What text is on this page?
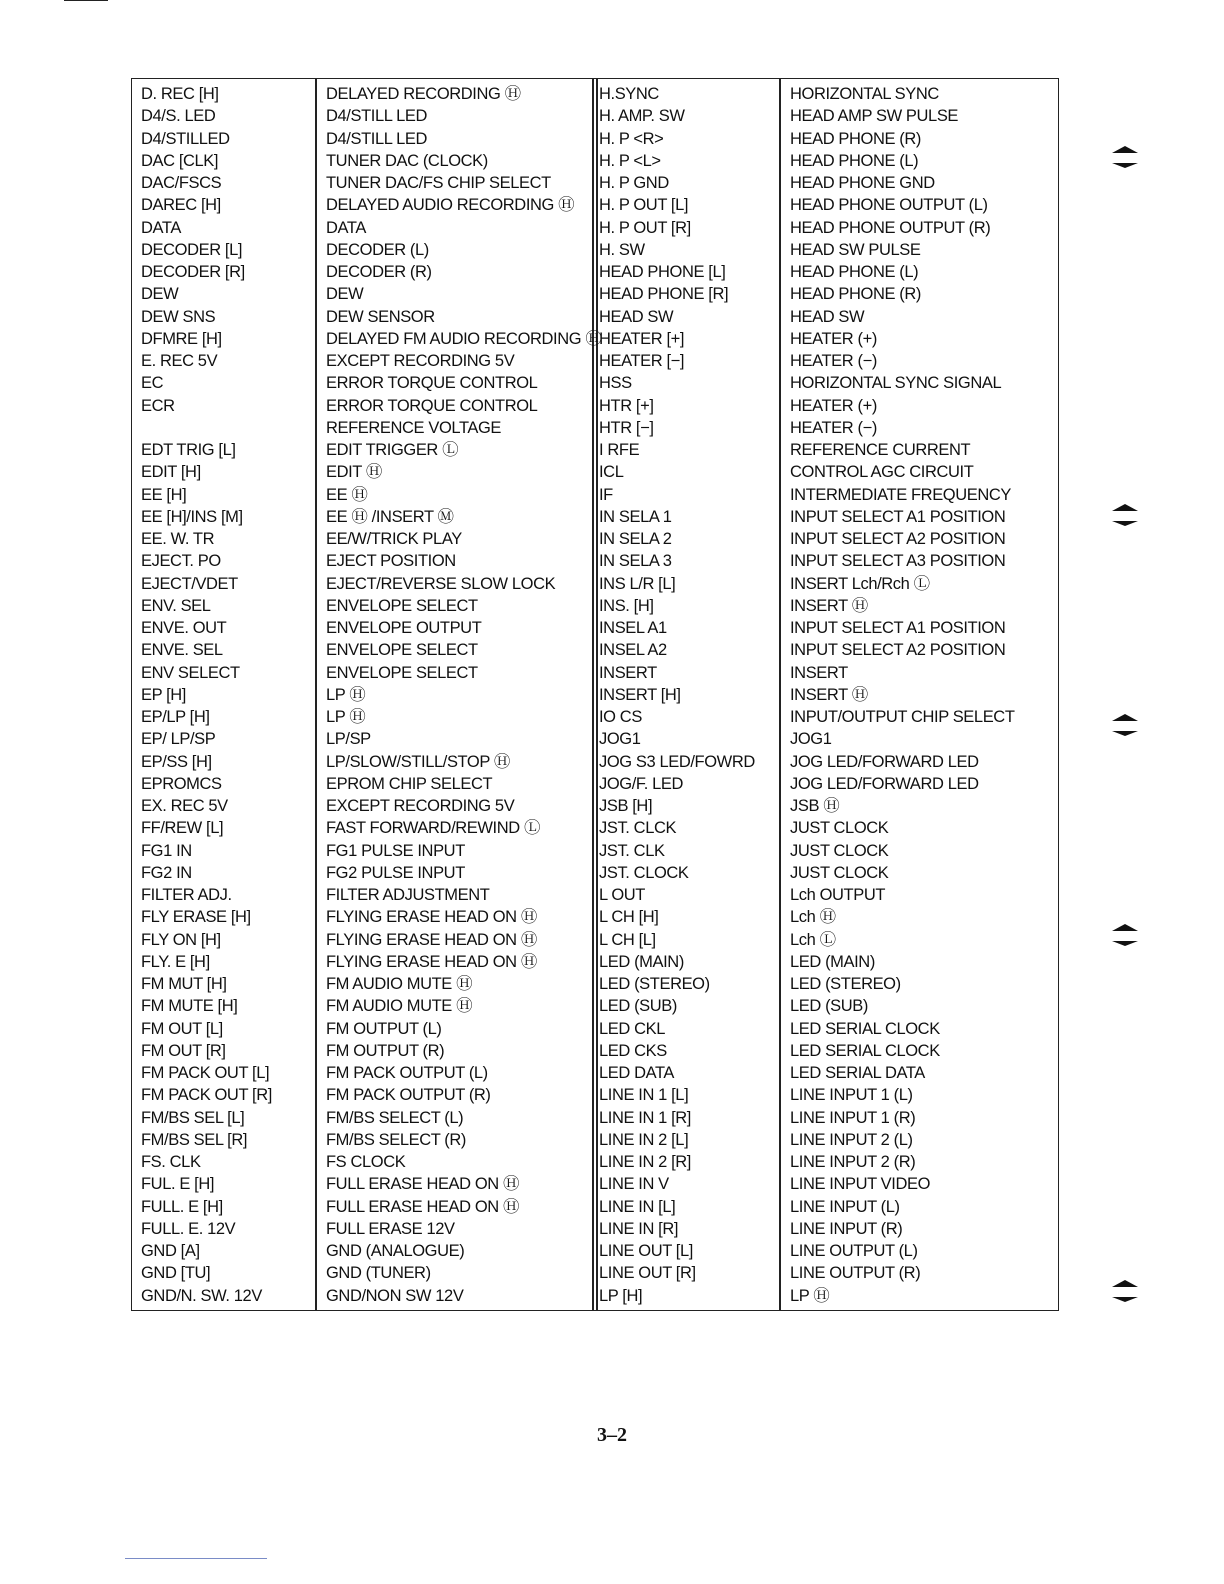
D. REC [H]
D4/S. LED
D4/STILLED
DAC [CLK]
DAC/FSCS
DAREC [H]
DATA
DECODER [L]
DECODER [R]
DEW
DEW SNS
DFMRE [H]
E. REC 5V
EC
ECR
EDT TRIG [L]
EDIT [H]
EE [H]
EE [H]/INS [M]
EE. W. TR
EJECT. PO
EJECT/VDET
ENV. SEL
ENVE. OUT
ENVE. SEL
ENV SELECT
EP [H]
EP/LP [H]
EP/ LP/SP
EP/SS [H]
EPROMCS
EX. REC 5V
FF/REW [L]
FG1 IN
FG2 IN
FILTER ADJ.
FLY ERASE [H]
FLY ON [H]
FLY. E [H]
FM MUT [H]
FM MUTE [H]
FM OUT [L]
FM OUT [R]
FM PACK OUT [L]
FM PACK OUT [R]
FM/BS SEL [L]
FM/BS SEL [R]
FS. CLK
FUL. E [H]
FULL. E [H]
FULL. E. 12V
GND [A]
GND [TU]
GND/N. SW. 12V
DELAYED RECORDING Ⓗ
D4/STILL LED
D4/STILL LED
TUNER DAC (CLOCK)
TUNER DAC/FS CHIP SELECT
DELAYED AUDIO RECORDING Ⓗ
DATA
DECODER (L)
DECODER (R)
DEW
DEW SENSOR
DELAYED FM AUDIO RECORDING Ⓗ
EXCEPT RECORDING 5V
ERROR TORQUE CONTROL
ERROR TORQUE CONTROL
REFERENCE VOLTAGE
EDIT TRIGGER Ⓛ
EDIT Ⓗ
EE Ⓗ
EE Ⓗ /INSERT Ⓜ
EE/W/TRICK PLAY
EJECT POSITION
EJECT/REVERSE SLOW LOCK
ENVELOPE SELECT
ENVELOPE OUTPUT
ENVELOPE SELECT
ENVELOPE SELECT
LP Ⓗ
LP Ⓗ
LP/SP
LP/SLOW/STILL/STOP Ⓗ
EPROM CHIP SELECT
EXCEPT RECORDING 5V
FAST FORWARD/REWIND Ⓛ
FG1 PULSE INPUT
FG2 PULSE INPUT
FILTER ADJUSTMENT
FLYING ERASE HEAD ON Ⓗ
FLYING ERASE HEAD ON Ⓗ
FLYING ERASE HEAD ON Ⓗ
FM AUDIO MUTE Ⓗ
FM AUDIO MUTE Ⓗ
FM OUTPUT (L)
FM OUTPUT (R)
FM PACK OUTPUT (L)
FM PACK OUTPUT (R)
FM/BS SELECT (L)
FM/BS SELECT (R)
FS CLOCK
FULL ERASE HEAD ON Ⓗ
FULL ERASE HEAD ON Ⓗ
FULL ERASE 12V
GND (ANALOGUE)
GND (TUNER)
GND/NON SW 12V
H.SYNC
H. AMP. SW
H. P <R>
H. P <L>
H. P GND
H. P OUT [L]
H. P OUT [R]
H. SW
HEAD PHONE [L]
HEAD PHONE [R]
HEAD SW
HEATER [+]
HEATER [−]
HSS
HTR [+]
HTR [−]
I RFE
ICL
IF
IN SELA 1
IN SELA 2
IN SELA 3
INS L/R [L]
INS. [H]
INSEL A1
INSEL A2
INSERT
INSERT [H]
IO CS
JOG1
JOG S3 LED/FOWRD
JOG/F. LED
JSB [H]
JST. CLCK
JST. CLK
JST. CLOCK
L OUT
L CH [H]
L CH [L]
LED (MAIN)
LED (STEREO)
LED (SUB)
LED CKL
LED CKS
LED DATA
LINE IN 1 [L]
LINE IN 1 [R]
LINE IN 2 [L]
LINE IN 2 [R]
LINE IN V
LINE IN [L]
LINE IN [R]
LINE OUT [L]
LINE OUT [R]
LP [H]
HORIZONTAL SYNC
HEAD AMP SW PULSE
HEAD PHONE (R)
HEAD PHONE (L)
HEAD PHONE GND
HEAD PHONE OUTPUT (L)
HEAD PHONE OUTPUT (R)
HEAD SW PULSE
HEAD PHONE (L)
HEAD PHONE (R)
HEAD SW
HEATER (+)
HEATER (−)
HORIZONTAL SYNC SIGNAL
HEATER (+)
HEATER (−)
REFERENCE CURRENT
CONTROL AGC CIRCUIT
INTERMEDIATE FREQUENCY
INPUT SELECT A1 POSITION
INPUT SELECT A2 POSITION
INPUT SELECT A3 POSITION
INSERT Lch/Rch Ⓛ
INSERT Ⓗ
INPUT SELECT A1 POSITION
INPUT SELECT A2 POSITION
INSERT
INSERT Ⓗ
INPUT/OUTPUT CHIP SELECT
JOG1
JOG LED/FORWARD LED
JOG LED/FORWARD LED
JSB Ⓗ
JUST CLOCK
JUST CLOCK
JUST CLOCK
Lch OUTPUT
Lch Ⓗ
Lch Ⓛ
LED (MAIN)
LED (STEREO)
LED (SUB)
LED SERIAL CLOCK
LED SERIAL CLOCK
LED SERIAL DATA
LINE INPUT 1 (L)
LINE INPUT 1 (R)
LINE INPUT 2 (L)
LINE INPUT 2 (R)
LINE INPUT VIDEO
LINE INPUT (L)
LINE INPUT (R)
LINE OUTPUT (L)
LINE OUTPUT (R)
LP Ⓗ
3–2
